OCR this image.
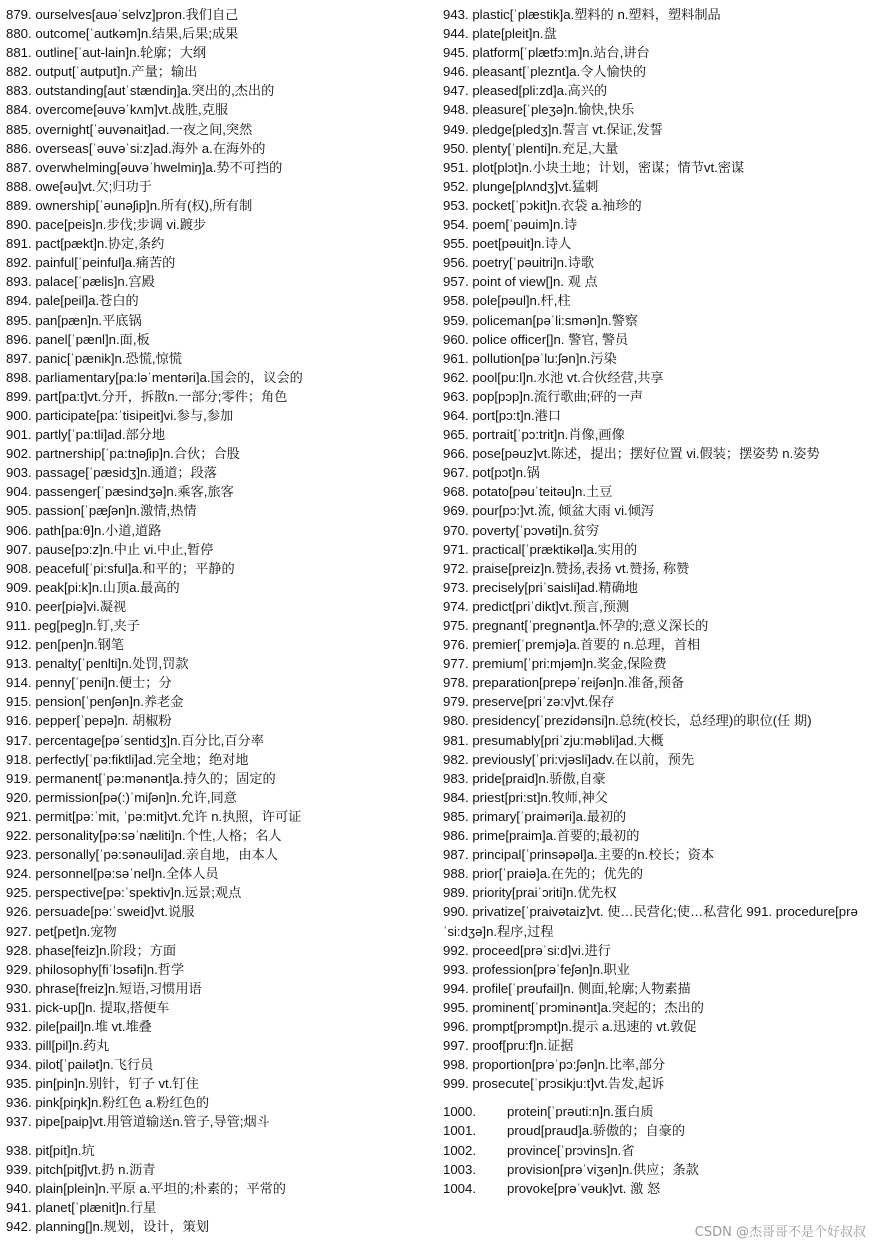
879. ourselves[auəˈselvz]pron.我们自己
880. outcome[ˈautkəm]n.结果,后果;成果
881. outline[ˈaut-lain]n.轮廓；大纲
882. output[ˈautput]n.产量；输出
883. outstanding[autˈstændiŋ]a.突出的,杰出的
884. overcome[əuvəˈkʌm]vt.战胜,克服
885. overnight[ˈəuvənait]ad.一夜之间,突然
886. overseas[ˈəuvəˈsi:z]ad.海外 a.在海外的
887. overwhelming[əuvəˈhwelmiŋ]a.势不可挡的
888. owe[əu]vt.欠;归功于
889. ownership[ˈəunəʃip]n.所有(权),所有制
890. pace[peis]n.步伐;步调 vi.踱步
891. pact[pækt]n.协定,条约
892. painful[ˈpeinful]a.痛苦的
893. palace[ˈpælis]n.宫殿
894. pale[peil]a.苍白的
895. pan[pæn]n.平底锅
896. panel[ˈpænl]n.面,板
897. panic[ˈpænik]n.恐慌,惊慌
898. parliamentary[pa:ləˈmentəri]a.国会的，议会的
899. part[pa:t]vt.分开，拆散n.一部分;零件；角色
900. participate[pa:ˈtisipeit]vi.参与,参加
901. partly[ˈpa:tli]ad.部分地
902. partnership[ˈpa:tnəʃip]n.合伙；合股
903. passage[ˈpæsidʒ]n.通道；段落
904. passenger[ˈpæsindʒə]n.乘客,旅客
905. passion[ˈpæʃən]n.激情,热情
906. path[pa:θ]n.小道,道路
907. pause[pɔ:z]n.中止 vi.中止,暂停
908. peaceful[ˈpi:sful]a.和平的；平静的
909. peak[pi:k]n.山顶a.最高的
910. peer[piə]vi.凝视
911. peg[peg]n.钉,夹子
912. pen[pen]n.钢笔
913. penalty[ˈpenlti]n.处罚,罚款
914. penny[ˈpeni]n.便士；分
915. pension[ˈpenʃən]n.养老金
916. pepper[ˈpepə]n. 胡椒粉
917. percentage[pəˈsentidʒ]n.百分比,百分率
918. perfectly[ˈpə:fiktli]ad.完全地；绝对地
919. permanent[ˈpə:mənənt]a.持久的；固定的
920. permission[pə(:)ˈmiʃən]n.允许,同意
921. permit[pə:ˈmit, ˈpə:mit]vt.允许 n.执照，许可证
922. personality[pə:səˈnæliti]n.个性,人格；名人
923. personally[ˈpə:sənəuli]ad.亲自地，由本人
924. personnel[pə:səˈnel]n.全体人员
925. perspective[pə:ˈspektiv]n.远景;观点
926. persuade[pə:ˈsweid]vt.说服
927. pet[pet]n.宠物
928. phase[feiz]n.阶段；方面
929. philosophy[fiˈlɔsəfi]n.哲学
930. phrase[freiz]n.短语,习惯用语
931. pick-up[]n. 提取,搭便车
932. pile[pail]n.堆 vt.堆叠
933. pill[pil]n.药丸
934. pilot[ˈpailət]n.飞行员
935. pin[pin]n.别针，钉子 vt.钉住
936. pink[piŋk]n.粉红色 a.粉红色的
937. pipe[paip]vt.用管道输送n.管子,导管;烟斗
938. pit[pit]n.坑
939. pitch[pitʃ]vt.扔 n.沥青
940. plain[plein]n.平原 a.平坦的;朴素的；平常的
941. planet[ˈplænit]n.行星
942. planning[]n.规划，设计，策划
943. plastic[ˈplæstik]a.塑料的 n.塑料，塑料制品
944. plate[pleit]n.盘
945. platform[ˈplætfɔ:m]n.站台,讲台
946. pleasant[ˈpleznt]a.令人愉快的
947. pleased[pli:zd]a.高兴的
948. pleasure[ˈpleʒə]n.愉快,快乐
949. pledge[pledʒ]n.誓言 vt.保证,发誓
950. plenty[ˈplenti]n.充足,大量
951. plot[plɔt]n.小块土地；计划，密谋；情节vt.密谋
952. plunge[plʌndʒ]vt.猛刺
953. pocket[ˈpɔkit]n.衣袋 a.袖珍的
954. poem[ˈpəuim]n.诗
955. poet[pəuit]n.诗人
956. poetry[ˈpəuitri]n.诗歌
957. point of view[]n. 观 点
958. pole[pəul]n.杆,柱
959. policeman[pəˈli:smən]n.警察
960. police officer[]n. 警官, 警员
961. pollution[pəˈlu:ʃən]n.污染
962. pool[pu:l]n.水池 vt.合伙经营,共享
963. pop[pɔp]n.流行歌曲;砰的一声
964. port[pɔ:t]n.港口
965. portrait[ˈpɔ:trit]n.肖像,画像
966. pose[pəuz]vt.陈述，提出；摆好位置 vi.假装；摆姿势 n.姿势
967. pot[pɔt]n.锅
968. potato[pəuˈteitəu]n.土豆
969. pour[pɔ:]vt.流, 倾盆大雨 vi.倾泻
970. poverty[ˈpɔvəti]n.贫穷
971. practical[ˈpræktikəl]a.实用的
972. praise[preiz]n.赞扬,表扬 vt.赞扬, 称赞
973. precisely[priˈsaisli]ad.精确地
974. predict[priˈdikt]vt.预言,预测
975. pregnant[ˈpregnənt]a.怀孕的;意义深长的
976. premier[ˈpremjə]a.首要的 n.总理，首相
977. premium[ˈpri:mjəm]n.奖金,保险费
978. preparation[prepəˈreiʃən]n.准备,预备
979. preserve[priˈzə:v]vt.保存
980. presidency[ˈprezidənsi]n.总统(校长，总经理)的职位(任 期)
981. presumably[priˈzju:məbli]ad.大概
982. previously[ˈpri:vjəsli]adv.在以前，预先
983. pride[praid]n.骄傲,自豪
984. priest[pri:st]n.牧师,神父
985. primary[ˈpraiməri]a.最初的
986. prime[praim]a.首要的;最初的
987. principal[ˈprinsəpəl]a.主要的n.校长；资本
988. prior[ˈpraiə]a.在先的；优先的
989. priority[praiˈɔriti]n.优先权
990. privatize[ˈpraivətaiz]vt. 使…民营化;使…私营化 991. procedure[prəˈsi:dʒə]n.程序,过程
992. proceed[prəˈsi:d]vi.进行
993. profession[prəˈfeʃən]n.职业
994. profile[ˈprəufail]n. 侧面,轮廓;人物素描
995. prominent[ˈprɔminənt]a.突起的；杰出的
996. prompt[prɔmpt]n.提示 a.迅速的 vt.敦促
997. proof[pru:f]n.证据
998. proportion[prəˈpɔ:ʃən]n.比率,部分
999. prosecute[ˈprɔsikju:t]vt.告发,起诉
1000.	protein[ˈprəuti:n]n.蛋白质
1001.	proud[praud]a.骄傲的；自豪的
1002.	province[ˈprɔvins]n.省
1003.	provision[prəˈviʒən]n.供应；条款
1004.	provoke[prəˈvəuk]vt. 激 怒
CSDN @杰哥哥不是个好叔叔
